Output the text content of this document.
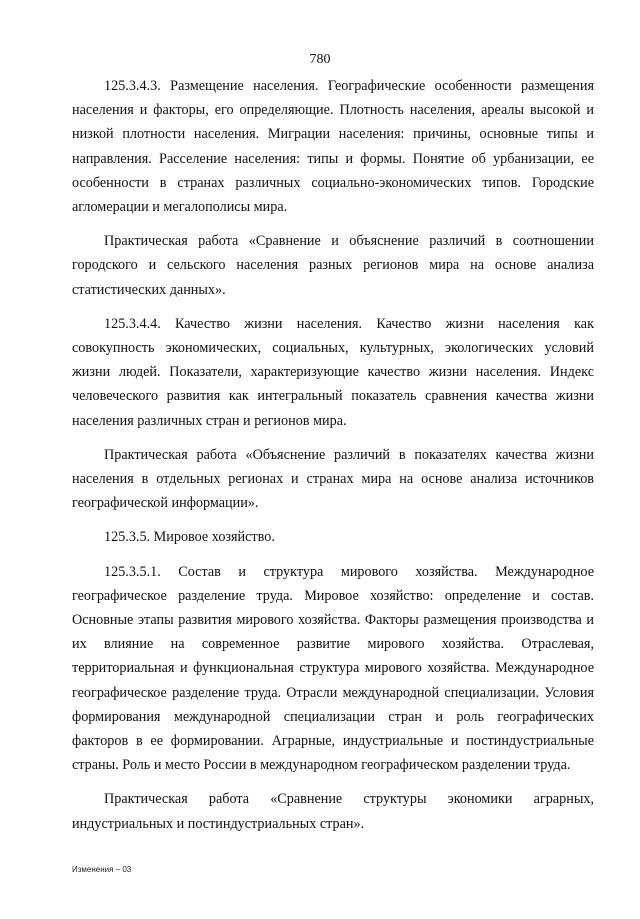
780

125.3.4.3. Размещение населения. Географические особенности размещения населения и факторы, его определяющие. Плотность населения, ареалы высокой и низкой плотности населения. Миграции населения: причины, основные типы и направления. Расселение населения: типы и формы. Понятие об урбанизации, ее особенности в странах различных социально-экономических типов. Городские агломерации и мегалополисы мира.

Практическая работа «Сравнение и объяснение различий в соотношении городского и сельского населения разных регионов мира на основе анализа статистических данных».

125.3.4.4. Качество жизни населения. Качество жизни населения как совокупность экономических, социальных, культурных, экологических условий жизни людей. Показатели, характеризующие качество жизни населения. Индекс человеческого развития как интегральный показатель сравнения качества жизни населения различных стран и регионов мира.

Практическая работа «Объяснение различий в показателях качества жизни населения в отдельных регионах и странах мира на основе анализа источников географической информации».

125.3.5. Мировое хозяйство.

125.3.5.1. Состав и структура мирового хозяйства. Международное географическое разделение труда. Мировое хозяйство: определение и состав. Основные этапы развития мирового хозяйства. Факторы размещения производства и их влияние на современное развитие мирового хозяйства. Отраслевая, территориальная и функциональная структура мирового хозяйства. Международное географическое разделение труда. Отрасли международной специализации. Условия формирования международной специализации стран и роль географических факторов в ее формировании. Аграрные, индустриальные и постиндустриальные страны. Роль и место России в международном географическом разделении труда.

Практическая работа «Сравнение структуры экономики аграрных, индустриальных и постиндустриальных стран».

Изменения – 03
